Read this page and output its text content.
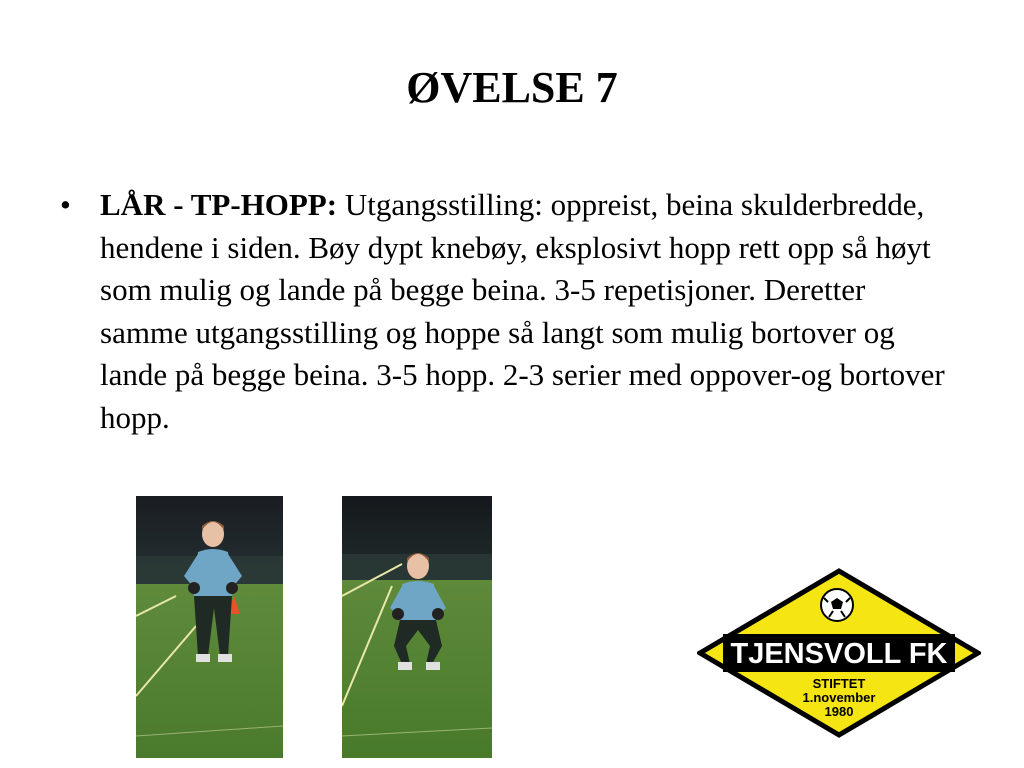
ØVELSE 7
• LÅR - TP-HOPP: Utgangsstilling: oppreist, beina skulderbredde, hendene i siden. Bøy dypt knebøy, eksplosivt hopp rett opp så høyt som mulig og lande på begge beina. 3-5 repetisjoner. Deretter samme utgangsstilling og hoppe så langt som mulig bortover og lande på begge beina. 3-5 hopp. 2-3 serier med oppover-og bortover hopp.
TJENSVOLL FK
STIFTET
1.november
1980
